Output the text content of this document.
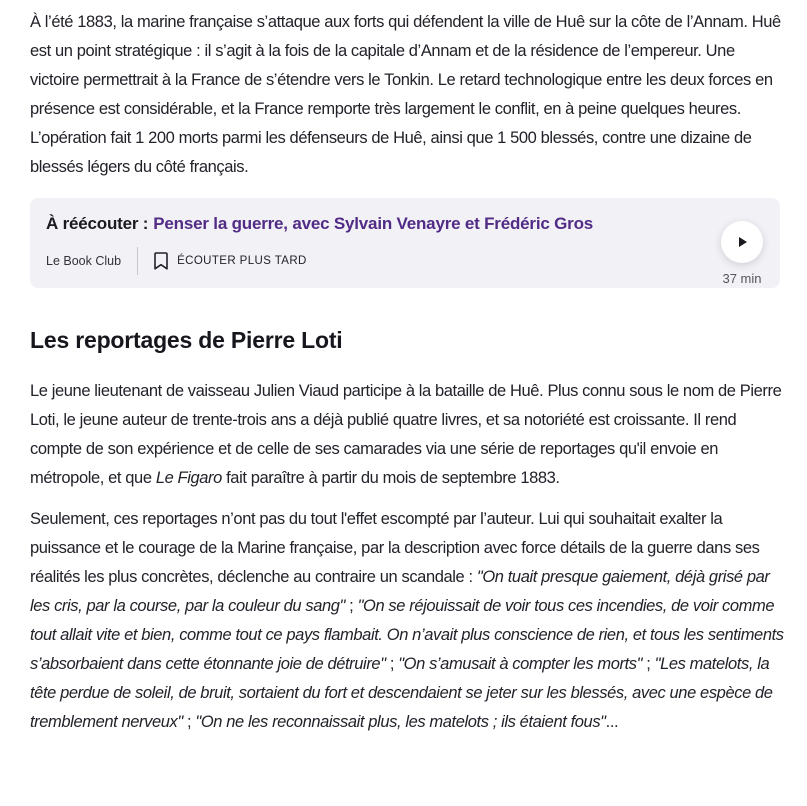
À l’été 1883, la marine française s’attaque aux forts qui défendent la ville de Huê sur la côte de l’Annam. Huê est un point stratégique : il s’agit à la fois de la capitale d’Annam et de la résidence de l’empereur. Une victoire permettrait à la France de s’étendre vers le Tonkin. Le retard technologique entre les deux forces en présence est considérable, et la France remporte très largement le conflit, en à peine quelques heures. L’opération fait 1 200 morts parmi les défenseurs de Huê, ainsi que 1 500 blessés, contre une dizaine de blessés légers du côté français.

À réécouter : Penser la guerre, avec Sylvain Venayre et Frédéric Gros

Le Book Club	ÉCOUTER PLUS TARD
37 min
Les reportages de Pierre Loti

Le jeune lieutenant de vaisseau Julien Viaud participe à la bataille de Huê. Plus connu sous le nom de Pierre Loti, le jeune auteur de trente-trois ans a déjà publié quatre livres, et sa notoriété est croissante. Il rend compte de son expérience et de celle de ses camarades via une série de reportages qu'il envoie en métropole, et que Le Figaro fait paraître à partir du mois de septembre 1883.

Seulement, ces reportages n’ont pas du tout l'effet escompté par l’auteur. Lui qui souhaitait exalter la puissance et le courage de la Marine française, par la description avec force détails de la guerre dans ses réalités les plus concrètes, déclenche au contraire un scandale : "On tuait presque gaiement, déjà grisé par les cris, par la course, par la couleur du sang" ; "On se réjouissait de voir tous ces incendies, de voir comme tout allait vite et bien, comme tout ce pays flambait. On n’avait plus conscience de rien, et tous les sentiments s’absorbaient dans cette étonnante joie de détruire" ; "On s’amusait à compter les morts" ; "Les matelots, la tête perdue de soleil, de bruit, sortaient du fort et descendaient se jeter sur les blessés, avec une espèce de tremblement nerveux" ; "On ne les reconnaissait plus, les matelots ; ils étaient fous"...
